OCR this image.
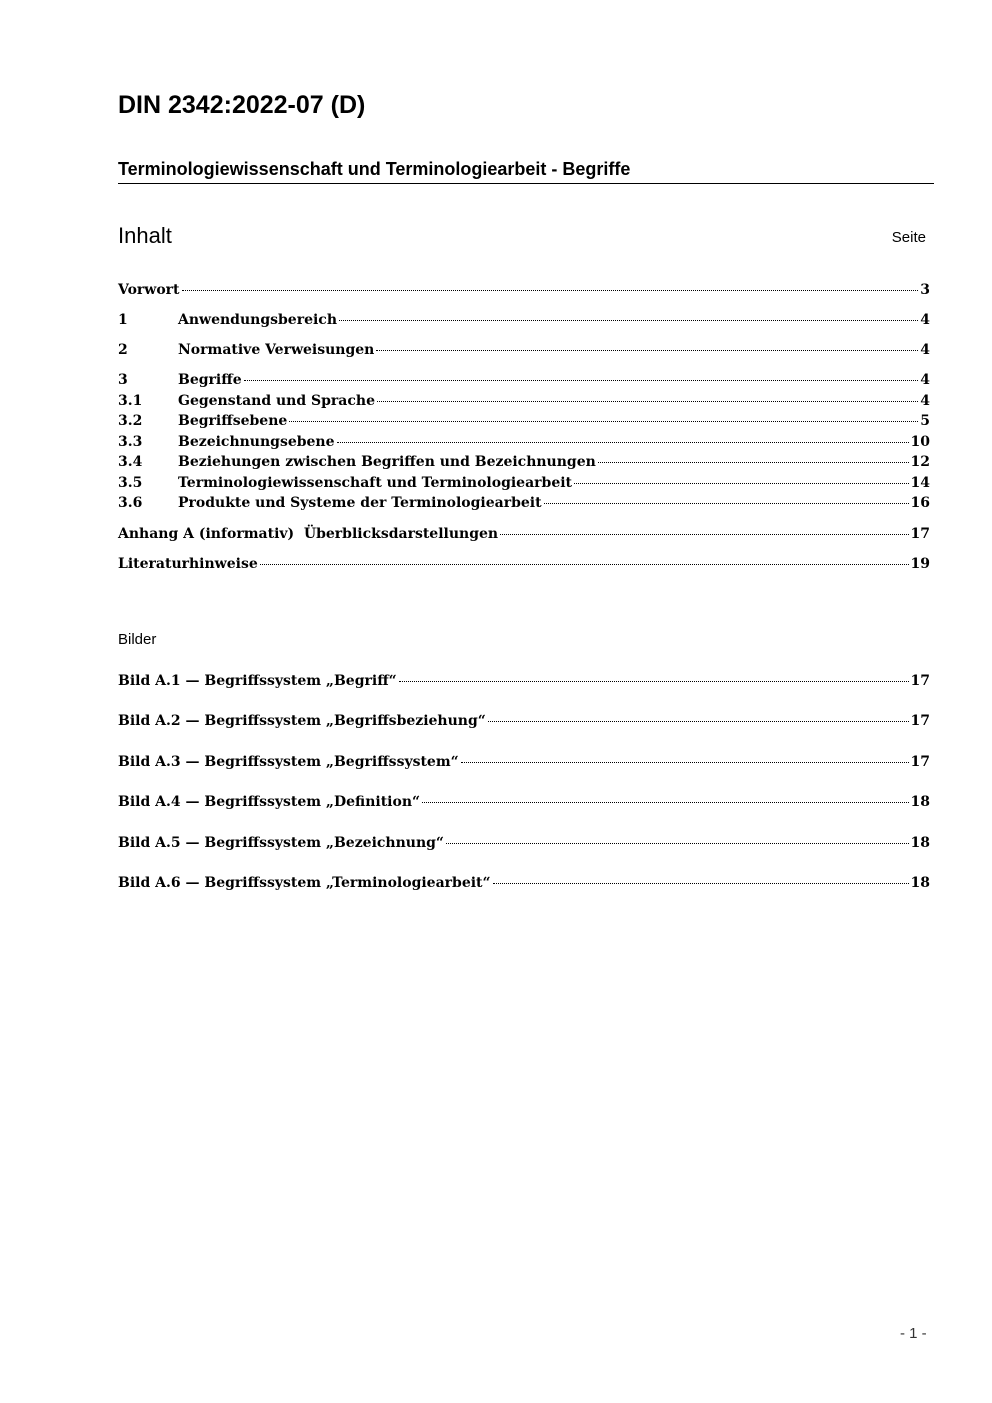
DIN 2342:2022-07 (D)
Terminologiewissenschaft und Terminologiearbeit - Begriffe
Inhalt	Seite
Vorwort	3
1	Anwendungsbereich	4
2	Normative Verweisungen	4
3	Begriffe	4
3.1	Gegenstand und Sprache	4
3.2	Begriffsebene	5
3.3	Bezeichnungsebene	10
3.4	Beziehungen zwischen Begriffen und Bezeichnungen	12
3.5	Terminologiewissenschaft und Terminologiearbeit	14
3.6	Produkte und Systeme der Terminologiearbeit	16
Anhang A (informativ)  Überblicksdarstellungen	17
Literaturhinweise	19
Bilder
Bild A.1 — Begriffssystem „Begriff“	17
Bild A.2 — Begriffssystem „Begriffsbeziehung“	17
Bild A.3 — Begriffssystem „Begriffssystem“	17
Bild A.4 — Begriffssystem „Definition“	18
Bild A.5 — Begriffssystem „Bezeichnung“	18
Bild A.6 — Begriffssystem „Terminologiearbeit“	18
- 1 -
